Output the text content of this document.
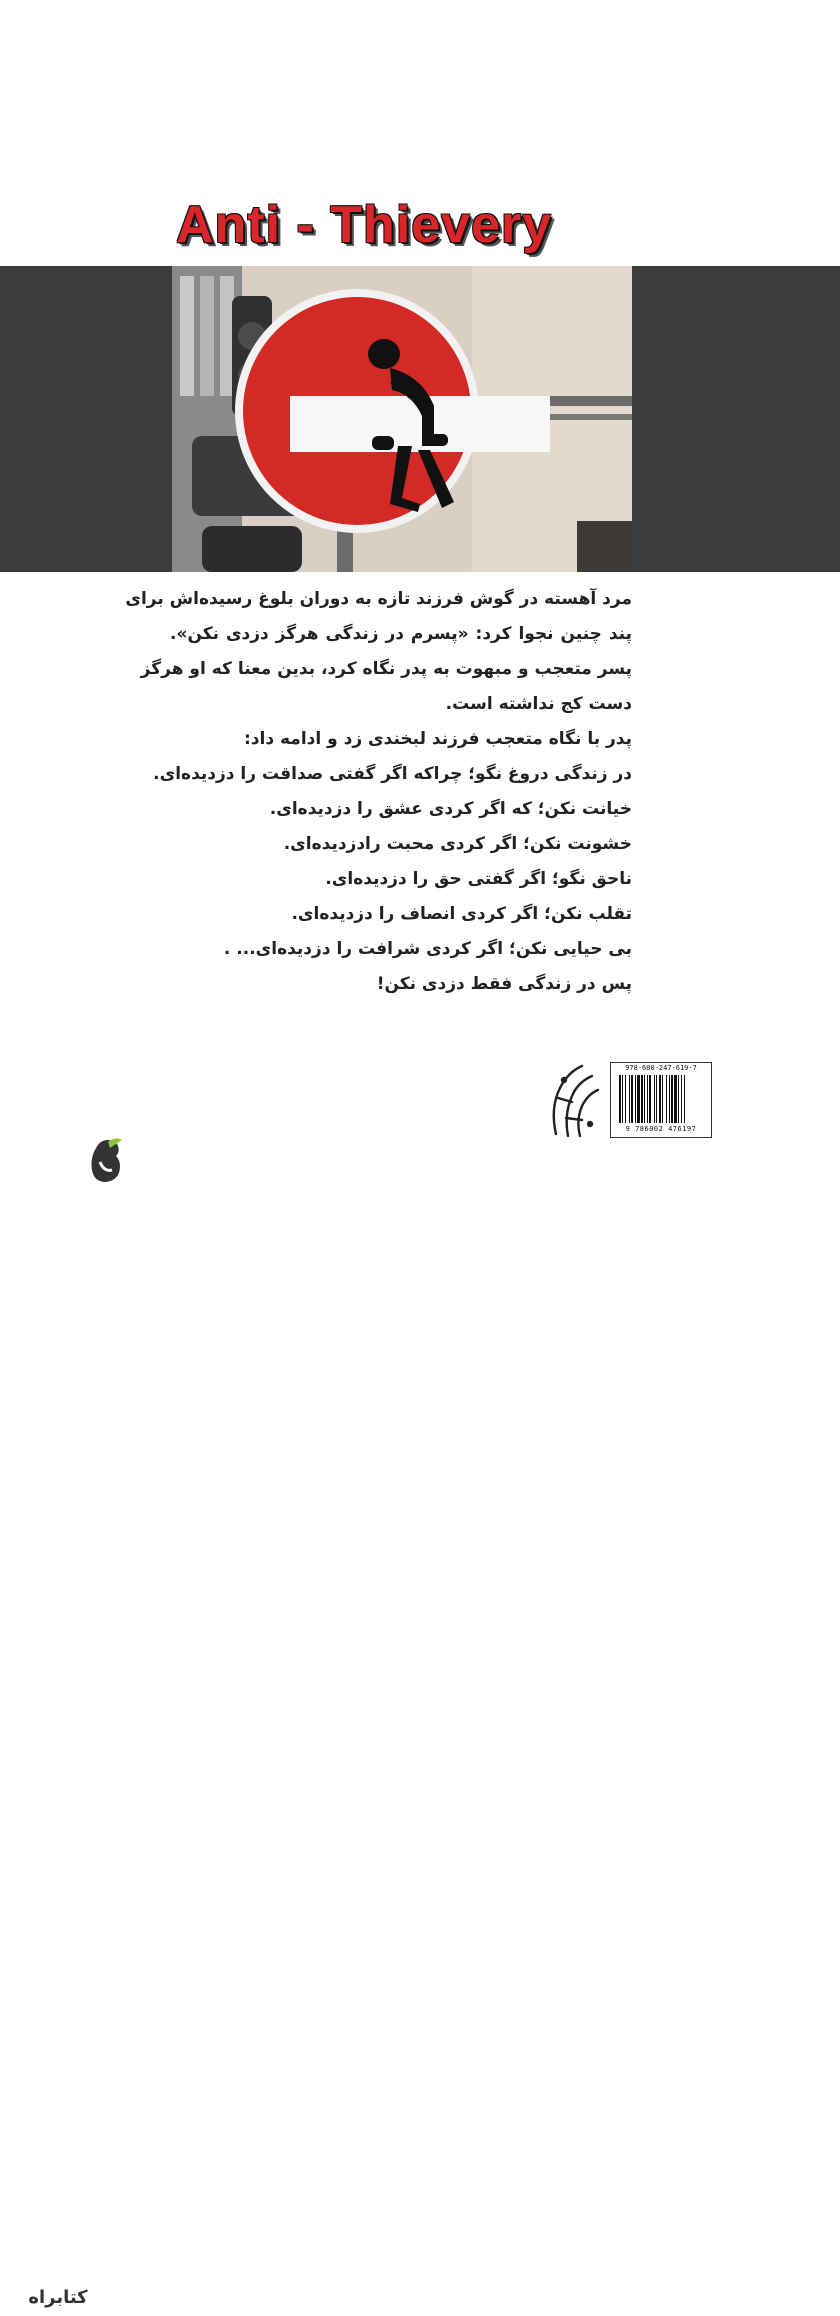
Anti - Thievery
مرد آهسته در گوش فرزند تازه به دوران بلوغ رسیده‌اش برای
پند چنین نجوا کرد: «پسرم در زندگی هرگز دزدی نکن».
پسر متعجب و مبهوت به پدر نگاه کرد، بدین معنا که او هرگز
دست کج نداشته است.
پدر با نگاه متعجب فرزند لبخندی زد و ادامه داد:
در زندگی دروغ نگو؛ چراکه اگر گفتی صداقت را دزدیده‌ای.
خیانت نکن؛ که اگر کردی عشق را دزدیده‌ای.
خشونت نکن؛ اگر کردی محبت رادزدیده‌ای.
ناحق نگو؛ اگر گفتی حق را دزدیده‌ای.
تقلب نکن؛ اگر کردی انصاف را دزدیده‌ای.
بی حیایی نکن؛ اگر کردی شرافت را دزدیده‌ای... .
پس در زندگی فقط دزدی نکن!
978-600-247-619-7
9 786002 476197
کتابراه
